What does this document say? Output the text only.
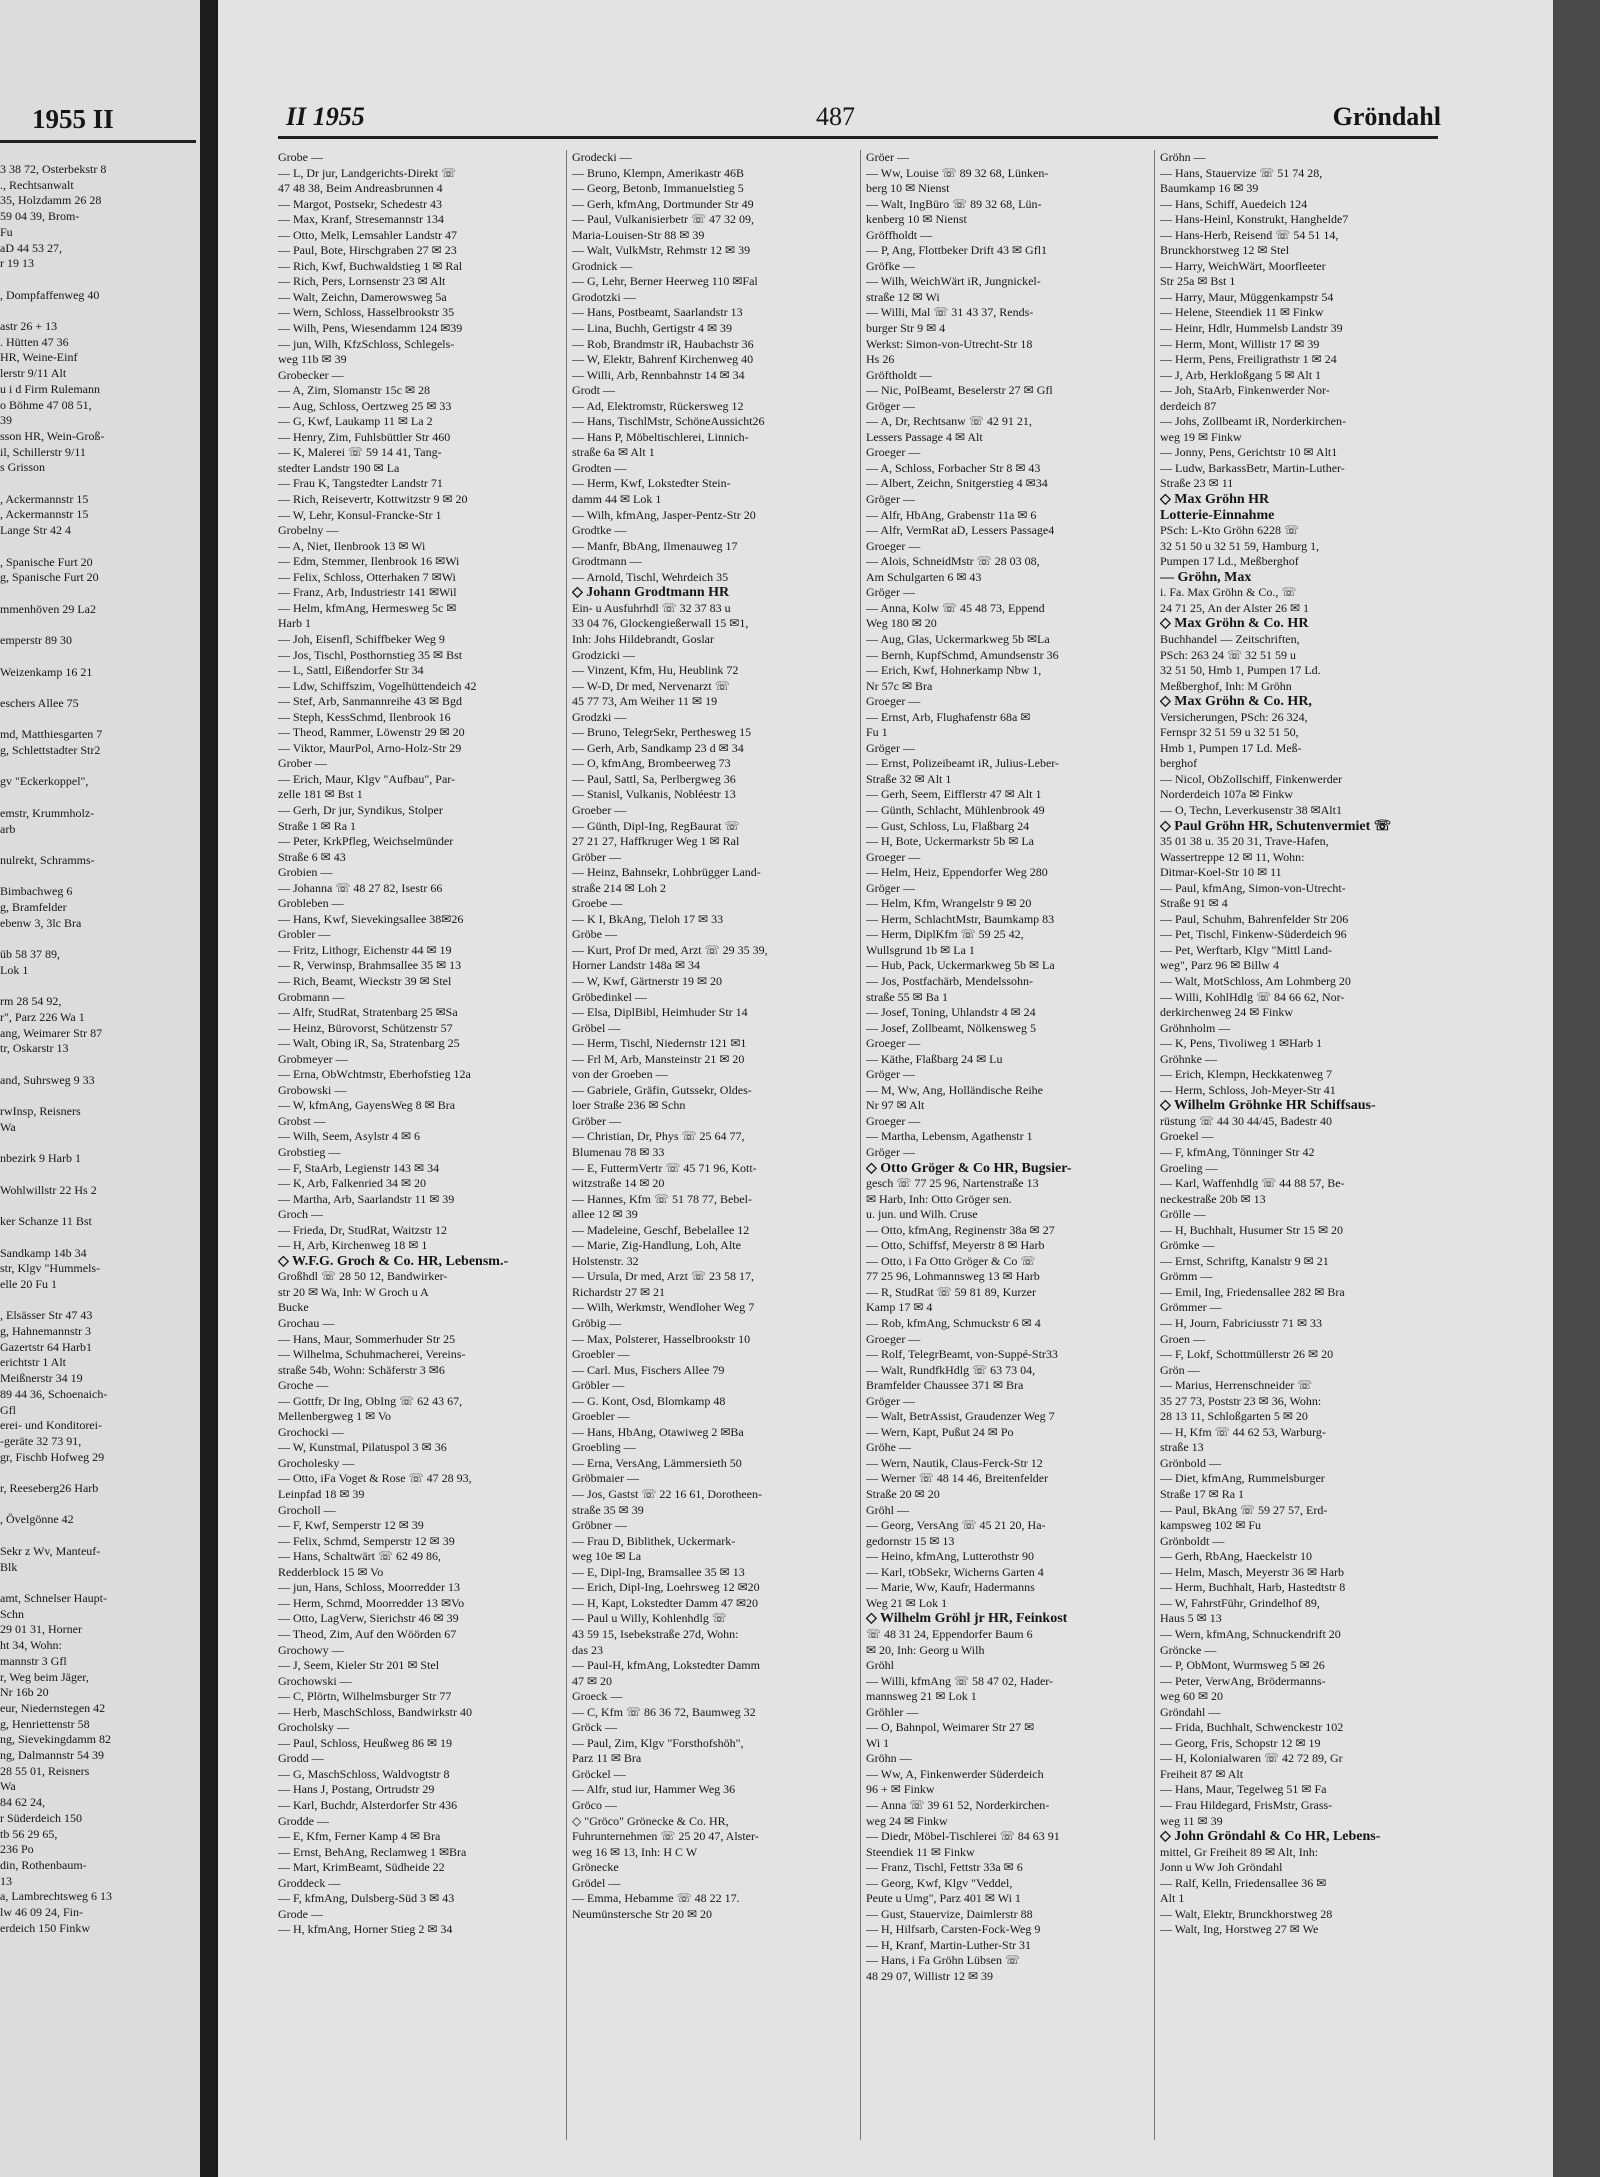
1955 II
3 38 72, Osterbekstr 8
., Rechtsanwalt
35, Holzdamm 26 28
59 04 39, Brom-
Fu
aD 44 53 27,
r 19 13

, Dompfaffenweg 40

astr 26 + 13
. Hütten 47 36
HR, Weine-Einf
lerstr 9/11 Alt
u i d Firm Rulemann
o Böhme 47 08 51,
39
sson HR, Wein-Groß-
il, Schillerstr 9/11
s Grisson

, Ackermannstr 15
, Ackermannstr 15
Lange Str 42 4

, Spanische Furt 20
g, Spanische Furt 20

mmenhöven 29 La2

emperstr 89 30

Weizenkamp 16 21

eschers Allee 75

md, Matthiesgarten 7
g, Schlettstadter Str2

gv "Eckerkoppel",

emstr, Krummholz-
arb

nulrekt, Schramms-

Bimbachweg 6
g, Bramfelder
ebenw 3, 3lc Bra

üb 58 37 89,
Lok 1

rm 28 54 92,
r", Parz 226 Wa 1
ang, Weimarer Str 87
tr, Oskarstr 13

and, Suhrsweg 9 33

rwInsp, Reisners
Wa

nbezirk 9 Harb 1

Wohlwillstr 22 Hs 2

ker Schanze 11 Bst

Sandkamp 14b 34
str, Klgv "Hummels-
elle 20 Fu 1

, Elsässer Str 47 43
g, Hahnemannstr 3
Gazertstr 64 Harb1
erichtstr 1 Alt
Meißnerstr 34 19
89 44 36, Schoenaich-
Gfl
erei- und Konditorei-
-geräte 32 73 91,
gr, Fischb Hofweg 29

r, Reeseberg26 Harb

, Övelgönne 42

Sekr z Wv, Manteuf-
Blk

amt, Schnelser Haupt-
Schn
29 01 31, Horner
ht 34, Wohn:
mannstr 3 Gfl
r, Weg beim Jäger,
Nr 16b 20
eur, Niedernstegen 42
g, Henriettenstr 58
ng, Sievekingdamm 82
ng, Dalmannstr 54 39
28 55 01, Reisners
Wa
84 62 24,
r Süderdeich 150
tb 56 29 65,
236 Po
din, Rothenbaum-
13
a, Lambrechtsweg 6 13
lw 46 09 24, Fin-
erdeich 150 Finkw
II 1955	487	Gröndahl
Grobe —
— L, Dr jur, Landgerichts-Direkt ☏
47 48 38, Beim Andreasbrunnen 4
— Margot, Postsekr, Schedestr 43
— Max, Kranf, Stresemannstr 134
— Otto, Melk, Lemsahler Landstr 47
— Paul, Bote, Hirschgraben 27 ✉ 23
— Rich, Kwf, Buchwaldstieg 1 ✉ Ral
— Rich, Pers, Lornsenstr 23 ✉ Alt
— Walt, Zeichn, Damerowsweg 5a
— Wern, Schloss, Hasselbrookstr 35
— Wilh, Pens, Wiesendamm 124 ✉39
— jun, Wilh, KfzSchloss, Schlegels-
weg 11b ✉ 39
Grobecker —
— A, Zim, Slomanstr 15c ✉ 28
— Aug, Schloss, Oertzweg 25 ✉ 33
— G, Kwf, Laukamp 11 ✉ La 2
— Henry, Zim, Fuhlsbüttler Str 460
— K, Malerei ☏ 59 14 41, Tang-
stedter Landstr 190 ✉ La
— Frau K, Tangstedter Landstr 71
— Rich, Reisevertr, Kottwitzstr 9 ✉ 20
— W, Lehr, Konsul-Francke-Str 1
Grobelny —
— A, Niet, Ilenbrook 13 ✉ Wi
— Edm, Stemmer, Ilenbrook 16 ✉Wi
— Felix, Schloss, Otterhaken 7 ✉Wi
— Franz, Arb, Industriestr 141 ✉Wil
— Helm, kfmAng, Hermesweg 5c ✉
Harb 1
— Joh, Eisenfl, Schiffbeker Weg 9
— Jos, Tischl, Posthornstieg 35 ✉ Bst
— L, Sattl, Eißendorfer Str 34
— Ldw, Schiffszim, Vogelhüttendeich 42
— Stef, Arb, Sanmannreihe 43 ✉ Bgd
— Steph, KessSchmd, Ilenbrook 16
— Theod, Rammer, Löwenstr 29 ✉ 20
— Viktor, MaurPol, Arno-Holz-Str 29
Grober —
— Erich, Maur, Klgv "Aufbau", Par-
zelle 181 ✉ Bst 1
— Gerh, Dr jur, Syndikus, Stolper
Straße 1 ✉ Ra 1
— Peter, KrkPfleg, Weichselmünder
Straße 6 ✉ 43
Grobien —
— Johanna ☏ 48 27 82, Isestr 66
Grobleben —
— Hans, Kwf, Sievekingsallee 38✉26
Grobler —
— Fritz, Lithogr, Eichenstr 44 ✉ 19
— R, Verwinsp, Brahmsallee 35 ✉ 13
— Rich, Beamt, Wieckstr 39 ✉ Stel
Grobmann —
— Alfr, StudRat, Stratenbarg 25 ✉Sa
— Heinz, Bürovorst, Schützenstr 57
— Walt, Obing iR, Sa, Stratenbarg 25
Grobmeyer —
— Erna, ObWchtmstr, Eberhofstieg 12a
Grobowski —
— W, kfmAng, GayensWeg 8 ✉ Bra
Grobst —
— Wilh, Seem, Asylstr 4 ✉ 6
Grobstieg —
— F, StaArb, Legienstr 143 ✉ 34
— K, Arb, Falkenried 34 ✉ 20
— Martha, Arb, Saarlandstr 11 ✉ 39
Groch —
— Frieda, Dr, StudRat, Waitzstr 12
— H, Arb, Kirchenweg 18 ✉ 1
◇ W.F.G. Groch & Co. HR, Lebensm.-
Großhdl ☏ 28 50 12, Bandwirker-
str 20 ✉ Wa, Inh: W Groch u A
Bucke
Grochau —
— Hans, Maur, Sommerhuder Str 25
— Wilhelma, Schuhmacherei, Vereins-
straße 54b, Wohn: Schäferstr 3 ✉6
Groche —
— Gottfr, Dr Ing, ObIng ☏ 62 43 67,
Mellenbergweg 1 ✉ Vo
Grochocki —
— W, Kunstmal, Pilatuspol 3 ✉ 36
Grocholesky —
— Otto, iFa Voget & Rose ☏ 47 28 93,
Leinpfad 18 ✉ 39
Grocholl —
— F, Kwf, Semperstr 12 ✉ 39
— Felix, Schmd, Semperstr 12 ✉ 39
— Hans, Schaltwärt ☏ 62 49 86,
Redderblock 15 ✉ Vo
— jun, Hans, Schloss, Moorredder 13
— Herm, Schmd, Moorredder 13 ✉Vo
— Otto, LagVerw, Sierichstr 46 ✉ 39
— Theod, Zim, Auf den Wöörden 67
Grochowy —
— J, Seem, Kieler Str 201 ✉ Stel
Grochowski —
— C, Plörtn, Wilhelmsburger Str 77
— Herb, MaschSchloss, Bandwirkstr 40
Grocholsky —
— Paul, Schloss, Heußweg 86 ✉ 19
Grodd —
— G, MaschSchloss, Waldvogtstr 8
— Hans J, Postang, Ortrudstr 29
— Karl, Buchdr, Alsterdorfer Str 436
Grodde —
— E, Kfm, Ferner Kamp 4 ✉ Bra
— Ernst, BehAng, Reclamweg 1 ✉Bra
— Mart, KrimBeamt, Südheide 22
Groddeck —
— F, kfmAng, Dulsberg-Süd 3 ✉ 43
Grode —
— H, kfmAng, Horner Stieg 2 ✉ 34
Grodecki —
— Bruno, Klempn, Amerikastr 46B
— Georg, Betonb, Immanuelstieg 5
— Gerh, kfmAng, Dortmunder Str 49
— Paul, Vulkanisierbetr ☏ 47 32 09,
Maria-Louisen-Str 88 ✉ 39
— Walt, VulkMstr, Rehmstr 12 ✉ 39
Grodnick —
— G, Lehr, Berner Heerweg 110 ✉Fal
Grodotzki —
— Hans, Postbeamt, Saarlandstr 13
— Lina, Buchh, Gertigstr 4 ✉ 39
— Rob, Brandmstr iR, Haubachstr 36
— W, Elektr, Bahrenf Kirchenweg 40
— Willi, Arb, Rennbahnstr 14 ✉ 34
Grodt —
— Ad, Elektromstr, Rückersweg 12
— Hans, TischlMstr, SchöneAussicht26
— Hans P, Möbeltischlerei, Linnich-
straße 6a ✉ Alt 1
Grodten —
— Herm, Kwf, Lokstedter Stein-
damm 44 ✉ Lok 1
— Wilh, kfmAng, Jasper-Pentz-Str 20
Grodtke —
— Manfr, BbAng, Ilmenauweg 17
Grodtmann —
— Arnold, Tischl, Wehrdeich 35
◇ Johann Grodtmann HR
Ein- u Ausfuhrhdl ☏ 32 37 83 u
33 04 76, Glockengießerwall 15 ✉1,
Inh: Johs Hildebrandt, Goslar
Grodzicki —
— Vinzent, Kfm, Hu, Heublink 72
— W-D, Dr med, Nervenarzt ☏
45 77 73, Am Weiher 11 ✉ 19
Grodzki —
— Bruno, TelegrSekr, Perthesweg 15
— Gerh, Arb, Sandkamp 23 d ✉ 34
— O, kfmAng, Brombeerweg 73
— Paul, Sattl, Sa, Perlbergweg 36
— Stanisl, Vulkanis, Nobléestr 13
Groeber —
— Günth, Dipl-Ing, RegBaurat ☏
27 21 27, Haffkruger Weg 1 ✉ Ral
Gröber —
— Heinz, Bahnsekr, Lohbrügger Land-
straße 214 ✉ Loh 2
Groebe —
— K I, BkAng, Tieloh 17 ✉ 33
Gröbe —
— Kurt, Prof Dr med, Arzt ☏ 29 35 39,
Horner Landstr 148a ✉ 34
— W, Kwf, Gärtnerstr 19 ✉ 20
Gröbedinkel —
— Elsa, DiplBibl, Heimhuder Str 14
Gröbel —
— Herm, Tischl, Niedernstr 121 ✉1
— Frl M, Arb, Mansteinstr 21 ✉ 20
von der Groeben —
— Gabriele, Gräfin, Gutssekr, Oldes-
loer Straße 236 ✉ Schn
Gröber —
— Christian, Dr, Phys ☏ 25 64 77,
Blumenau 78 ✉ 33
— E, FuttermVertr ☏ 45 71 96, Kott-
witzstraße 14 ✉ 20
— Hannes, Kfm ☏ 51 78 77, Bebel-
allee 12 ✉ 39
— Madeleine, Geschf, Bebelallee 12
— Marie, Zig-Handlung, Loh, Alte
Holstenstr. 32
— Ursula, Dr med, Arzt ☏ 23 58 17,
Richardstr 27 ✉ 21
— Wilh, Werkmstr, Wendloher Weg 7
Gröbig —
— Max, Polsterer, Hasselbrookstr 10
Groebler —
— Carl. Mus, Fischers Allee 79
Gröbler —
— G. Kont, Osd, Blomkamp 48
Groebler —
— Hans, HbAng, Otawiweg 2 ✉Ba
Groebling —
— Erna, VersAng, Lämmersieth 50
Gröbmaier —
— Jos, Gastst ☏ 22 16 61, Dorotheen-
straße 35 ✉ 39
Gröbner —
— Frau D, Biblithek, Uckermark-
weg 10e ✉ La
— E, Dipl-Ing, Bramsallee 35 ✉ 13
— Erich, Dipl-Ing, Loehrsweg 12 ✉20
— H, Kapt, Lokstedter Damm 47 ✉20
— Paul u Willy, Kohlenhdlg ☏
43 59 15, Isebekstraße 27d, Wohn:
das 23
— Paul-H, kfmAng, Lokstedter Damm
47 ✉ 20
Groeck —
— C, Kfm ☏ 86 36 72, Baumweg 32
Gröck —
— Paul, Zim, Klgv "Forsthofshöh",
Parz 11 ✉ Bra
Gröckel —
— Alfr, stud iur, Hammer Weg 36
Gröco —
◇ "Gröco" Grönecke & Co. HR,
Fuhrunternehmen ☏ 25 20 47, Alster-
weg 16 ✉ 13, Inh: H C W
Grönecke
Grödel —
— Emma, Hebamme ☏ 48 22 17.
Neumünstersche Str 20 ✉ 20
Gröer —
— Ww, Louise ☏ 89 32 68, Lünken-
berg 10 ✉ Nienst
— Walt, IngBüro ☏ 89 32 68, Lün-
kenberg 10 ✉ Nienst
Gröffholdt —
— P, Ang, Flottbeker Drift 43 ✉ Gfl1
Gröfke —
— Wilh, WeichWärt iR, Jungnickel-
straße 12 ✉ Wi
— Willi, Mal ☏ 31 43 37, Rends-
burger Str 9 ✉ 4
Werkst: Simon-von-Utrecht-Str 18
Hs 26
Gröftholdt —
— Nic, PolBeamt, Beselerstr 27 ✉ Gfl
Gröger —
— A, Dr, Rechtsanw ☏ 42 91 21,
Lessers Passage 4 ✉ Alt
Groeger —
— A, Schloss, Forbacher Str 8 ✉ 43
— Albert, Zeichn, Snitgerstieg 4 ✉34
Gröger —
— Alfr, HbAng, Grabenstr 11a ✉ 6
— Alfr, VermRat aD, Lessers Passage4
Groeger —
— Alois, SchneidMstr ☏ 28 03 08,
Am Schulgarten 6 ✉ 43
Gröger —
— Anna, Kolw ☏ 45 48 73, Eppend
Weg 180 ✉ 20
— Aug, Glas, Uckermarkweg 5b ✉La
— Bernh, KupfSchmd, Amundsenstr 36
— Erich, Kwf, Hohnerkamp Nbw 1,
Nr 57c ✉ Bra
Groeger —
— Ernst, Arb, Flughafenstr 68a ✉
Fu 1
Gröger —
— Ernst, Polizeibeamt iR, Julius-Leber-
Straße 32 ✉ Alt 1
— Gerh, Seem, Eifflerstr 47 ✉ Alt 1
— Günth, Schlacht, Mühlenbrook 49
— Gust, Schloss, Lu, Flaßbarg 24
— H, Bote, Uckermarkstr 5b ✉ La
Groeger —
— Helm, Heiz, Eppendorfer Weg 280
Gröger —
— Helm, Kfm, Wrangelstr 9 ✉ 20
— Herm, SchlachtMstr, Baumkamp 83
— Herm, DiplKfm ☏ 59 25 42,
Wullsgrund 1b ✉ La 1
— Hub, Pack, Uckermarkweg 5b ✉ La
— Jos, Postfachärb, Mendelssohn-
straße 55 ✉ Ba 1
— Josef, Toning, Uhlandstr 4 ✉ 24
— Josef, Zollbeamt, Nölkensweg 5
Groeger —
— Käthe, Flaßbarg 24 ✉ Lu
Gröger —
— M, Ww, Ang, Holländische Reihe
Nr 97 ✉ Alt
Groeger —
— Martha, Lebensm, Agathenstr 1
Gröger —
◇ Otto Gröger & Co HR, Bugsier-
gesch ☏ 77 25 96, Nartenstraße 13
✉ Harb, Inh: Otto Gröger sen.
u. jun. und Wilh. Cruse
— Otto, kfmAng, Reginenstr 38a ✉ 27
— Otto, Schiffsf, Meyerstr 8 ✉ Harb
— Otto, i Fa Otto Gröger & Co ☏
77 25 96, Lohmannsweg 13 ✉ Harb
— R, StudRat ☏ 59 81 89, Kurzer
Kamp 17 ✉ 4
— Rob, kfmAng, Schmuckstr 6 ✉ 4
Groeger —
— Rolf, TelegrBeamt, von-Suppé-Str33
— Walt, RundfkHdlg ☏ 63 73 04,
Bramfelder Chaussee 371 ✉ Bra
Gröger —
— Walt, BetrAssist, Graudenzer Weg 7
— Wern, Kapt, Pußut 24 ✉ Po
Gröhe —
— Wern, Nautik, Claus-Ferck-Str 12
— Werner ☏ 48 14 46, Breitenfelder
Straße 20 ✉ 20
Gröhl —
— Georg, VersAng ☏ 45 21 20, Ha-
gedornstr 15 ✉ 13
— Heino, kfmAng, Lutterothstr 90
— Karl, tObSekr, Wicherns Garten 4
— Marie, Ww, Kaufr, Hadermanns
Weg 21 ✉ Lok 1
◇ Wilhelm Gröhl jr HR, Feinkost
☏ 48 31 24, Eppendorfer Baum 6
✉ 20, Inh: Georg u Wilh
Gröhl
— Willi, kfmAng ☏ 58 47 02, Hader-
mannsweg 21 ✉ Lok 1
Gröhler —
— O, Bahnpol, Weimarer Str 27 ✉
Wi 1
Gröhn —
— Ww, A, Finkenwerder Süderdeich
96 + ✉ Finkw
— Anna ☏ 39 61 52, Norderkirchen-
weg 24 ✉ Finkw
— Diedr, Möbel-Tischlerei ☏ 84 63 91
Steendiek 11 ✉ Finkw
— Franz, Tischl, Fettstr 33a ✉ 6
— Georg, Kwf, Klgv "Veddel,
Peute u Umg", Parz 401 ✉ Wi 1
— Gust, Stauervize, Daimlerstr 88
— H, Hilfsarb, Carsten-Fock-Weg 9
— H, Kranf, Martin-Luther-Str 31
— Hans, i Fa Gröhn Lübsen ☏
48 29 07, Willistr 12 ✉ 39
Gröhn —
— Hans, Stauervize ☏ 51 74 28,
Baumkamp 16 ✉ 39
— Hans, Schiff, Auedeich 124
— Hans-Heinl, Konstrukt, Hanghelde7
— Hans-Herb, Reisend ☏ 54 51 14,
Brunckhorstweg 12 ✉ Stel
— Harry, WeichWärt, Moorfleeter
Str 25a ✉ Bst 1
— Harry, Maur, Müggenkampstr 54
— Helene, Steendiek 11 ✉ Finkw
— Heinr, Hdlr, Hummelsb Landstr 39
— Herm, Mont, Willistr 17 ✉ 39
— Herm, Pens, Freiligrathstr 1 ✉ 24
— J, Arb, Herkloßgang 5 ✉ Alt 1
— Joh, StaArb, Finkenwerder Nor-
derdeich 87
— Johs, Zollbeamt iR, Norderkirchen-
weg 19 ✉ Finkw
— Jonny, Pens, Gerichtstr 10 ✉ Alt1
— Ludw, BarkassBetr, Martin-Luther-
Straße 23 ✉ 11
◇ Max Gröhn HR
Lotterie-Einnahme
PSch: L-Kto Gröhn 6228 ☏
32 51 50 u 32 51 59, Hamburg 1,
Pumpen 17 Ld., Meßberghof
— Gröhn, Max
i. Fa. Max Gröhn & Co., ☏
24 71 25, An der Alster 26 ✉ 1
◇ Max Gröhn & Co. HR
Buchhandel — Zeitschriften,
PSch: 263 24 ☏ 32 51 59 u
32 51 50, Hmb 1, Pumpen 17 Ld.
Meßberghof, Inh: M Gröhn
◇ Max Gröhn & Co. HR,
Versicherungen, PSch: 26 324,
Fernspr 32 51 59 u 32 51 50,
Hmb 1, Pumpen 17 Ld. Meß-
berghof
— Nicol, ObZollschiff, Finkenwerder
Norderdeich 107a ✉ Finkw
— O, Techn, Leverkusenstr 38 ✉Alt1
◇ Paul Gröhn HR, Schutenvermiet ☏
35 01 38 u. 35 20 31, Trave-Hafen,
Wassertreppe 12 ✉ 11, Wohn:
Ditmar-Koel-Str 10 ✉ 11
— Paul, kfmAng, Simon-von-Utrecht-
Straße 91 ✉ 4
— Paul, Schuhm, Bahrenfelder Str 206
— Pet, Tischl, Finkenw-Süderdeich 96
— Pet, Werftarb, Klgv "Mittl Land-
weg", Parz 96 ✉ Billw 4
— Walt, MotSchloss, Am Lohmberg 20
— Willi, KohlHdlg ☏ 84 66 62, Nor-
derkirchenweg 24 ✉ Finkw
Gröhnholm —
— K, Pens, Tivoliweg 1 ✉Harb 1
Gröhnke —
— Erich, Klempn, Heckkatenweg 7
— Herm, Schloss, Joh-Meyer-Str 41
◇ Wilhelm Gröhnke HR Schiffsaus-
rüstung ☏ 44 30 44/45, Badestr 40
Groekel —
— F, kfmAng, Tönninger Str 42
Groeling —
— Karl, Waffenhdlg ☏ 44 88 57, Be-
neckestraße 20b ✉ 13
Grölle —
— H, Buchhalt, Husumer Str 15 ✉ 20
Grömke —
— Ernst, Schriftg, Kanalstr 9 ✉ 21
Grömm —
— Emil, Ing, Friedensallee 282 ✉ Bra
Grömmer —
— H, Journ, Fabriciusstr 71 ✉ 33
Groen —
— F, Lokf, Schottmüllerstr 26 ✉ 20
Grön —
— Marius, Herrenschneider ☏
35 27 73, Poststr 23 ✉ 36, Wohn:
28 13 11, Schloßgarten 5 ✉ 20
— H, Kfm ☏ 44 62 53, Warburg-
straße 13
Grönbold —
— Diet, kfmAng, Rummelsburger
Straße 17 ✉ Ra 1
— Paul, BkAng ☏ 59 27 57, Erd-
kampsweg 102 ✉ Fu
Grönboldt —
— Gerh, RbAng, Haeckelstr 10
— Helm, Masch, Meyerstr 36 ✉ Harb
— Herm, Buchhalt, Harb, Hastedtstr 8
— W, FahrstFühr, Grindelhof 89,
Haus 5 ✉ 13
— Wern, kfmAng, Schnuckendrift 20
Gröncke —
— P, ObMont, Wurmsweg 5 ✉ 26
— Peter, VerwAng, Brödermanns-
weg 60 ✉ 20
Gröndahl —
— Frida, Buchhalt, Schwenckestr 102
— Georg, Fris, Schopstr 12 ✉ 19
— H, Kolonialwaren ☏ 42 72 89, Gr
Freiheit 87 ✉ Alt
— Hans, Maur, Tegelweg 51 ✉ Fa
— Frau Hildegard, FrisMstr, Grass-
weg 11 ✉ 39
◇ John Gröndahl & Co HR, Lebens-
mittel, Gr Freiheit 89 ✉ Alt, Inh:
Jonn u Ww Joh Gröndahl
— Ralf, Kelln, Friedensallee 36 ✉
Alt 1
— Walt, Elektr, Brunckhorstweg 28
— Walt, Ing, Horstweg 27 ✉ We
